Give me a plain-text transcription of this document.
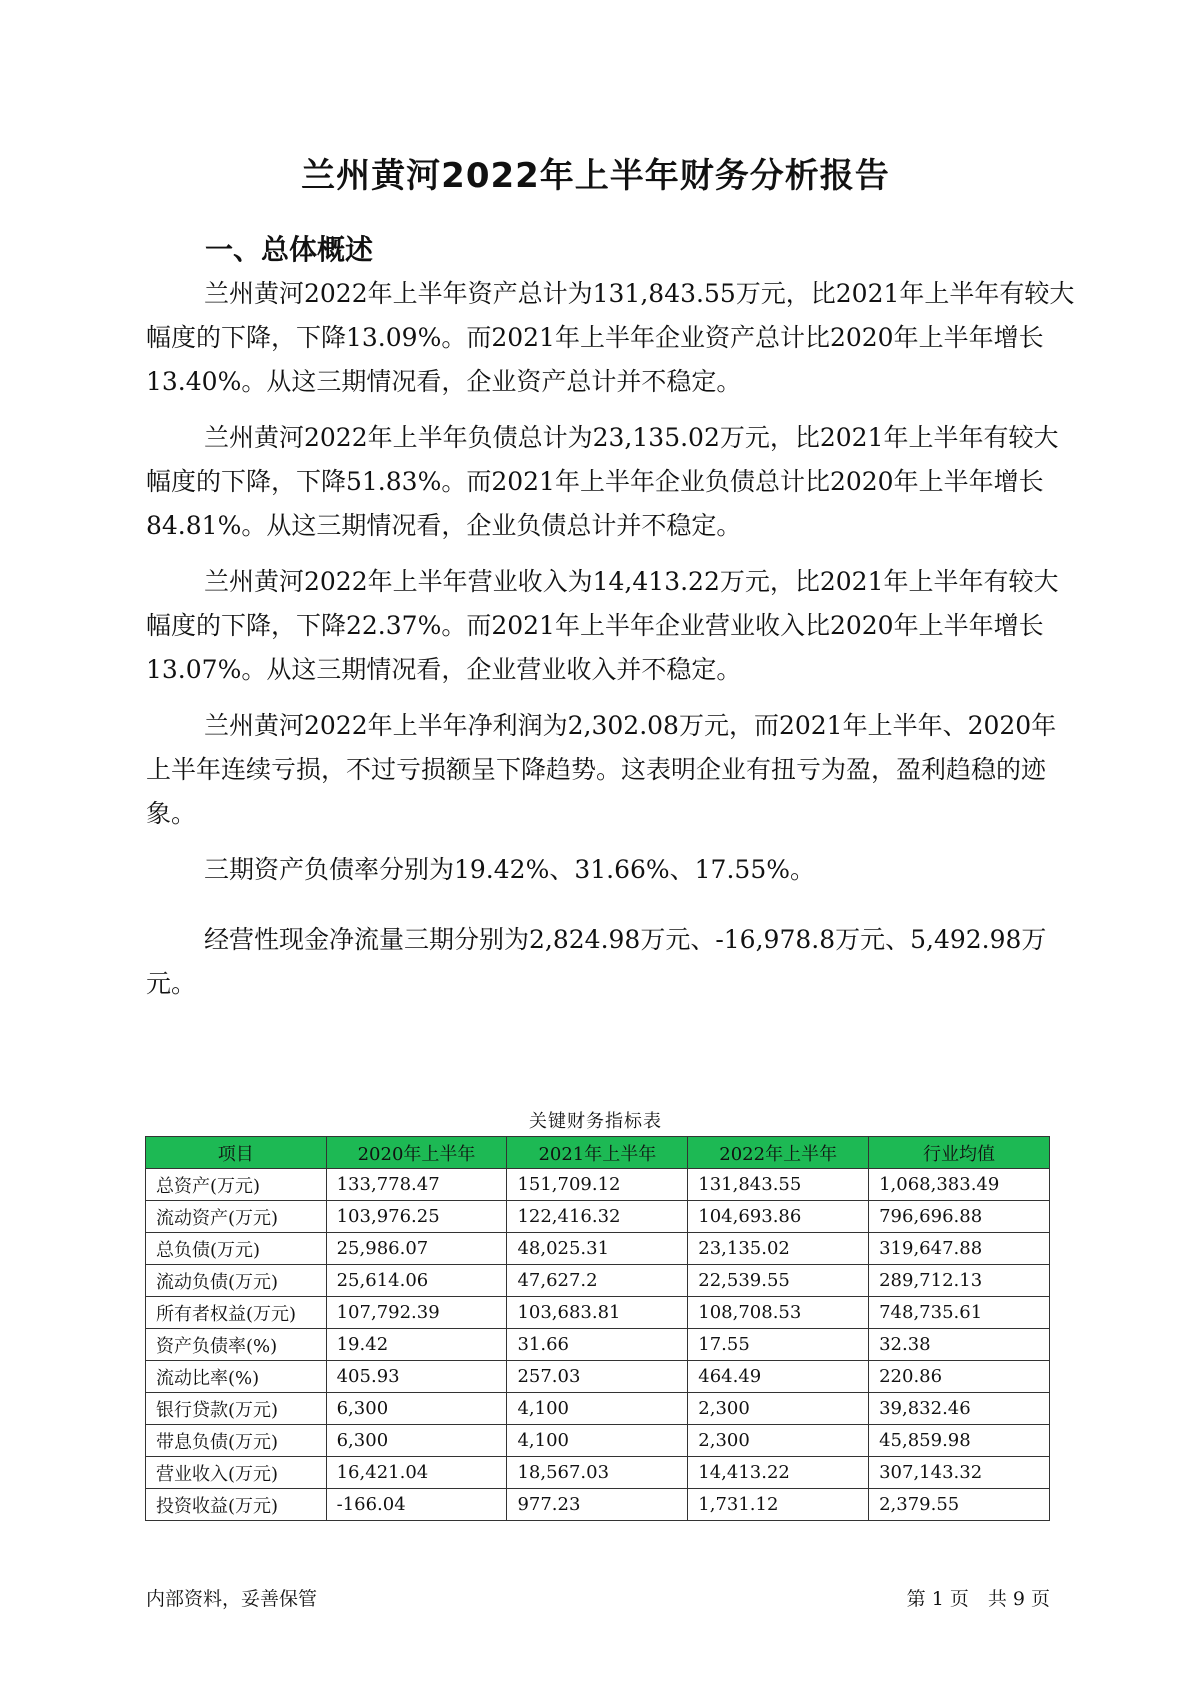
兰州黄河2022年上半年财务分析报告
一、总体概述

兰州黄河2022年上半年资产总计为131,843.55万元，比2021年上半年有较大幅度的下降，下降13.09%。而2021年上半年企业资产总计比2020年上半年增长13.40%。从这三期情况看，企业资产总计并不稳定。

兰州黄河2022年上半年负债总计为23,135.02万元，比2021年上半年有较大幅度的下降，下降51.83%。而2021年上半年企业负债总计比2020年上半年增长84.81%。从这三期情况看，企业负债总计并不稳定。

兰州黄河2022年上半年营业收入为14,413.22万元，比2021年上半年有较大幅度的下降，下降22.37%。而2021年上半年企业营业收入比2020年上半年增长13.07%。从这三期情况看，企业营业收入并不稳定。

兰州黄河2022年上半年净利润为2,302.08万元，而2021年上半年、2020年上半年连续亏损，不过亏损额呈下降趋势。这表明企业有扭亏为盈，盈利趋稳的迹象。

三期资产负债率分别为19.42%、31.66%、17.55%。

经营性现金净流量三期分别为2,824.98万元、-16,978.8万元、5,492.98万元。

关键财务指标表
项目	2020年上半年	2021年上半年	2022年上半年	行业均值
总资产(万元)	133,778.47	151,709.12	131,843.55	1,068,383.49
流动资产(万元)	103,976.25	122,416.32	104,693.86	796,696.88
总负债(万元)	25,986.07	48,025.31	23,135.02	319,647.88
流动负债(万元)	25,614.06	47,627.2	22,539.55	289,712.13
所有者权益(万元)	107,792.39	103,683.81	108,708.53	748,735.61
资产负债率(%)	19.42	31.66	17.55	32.38
流动比率(%)	405.93	257.03	464.49	220.86
银行贷款(万元)	6,300	4,100	2,300	39,832.46
带息负债(万元)	6,300	4,100	2,300	45,859.98
营业收入(万元)	16,421.04	18,567.03	14,413.22	307,143.32
投资收益(万元)	-166.04	977.23	1,731.12	2,379.55
内部资料，妥善保管	第 1 页　共 9 页
